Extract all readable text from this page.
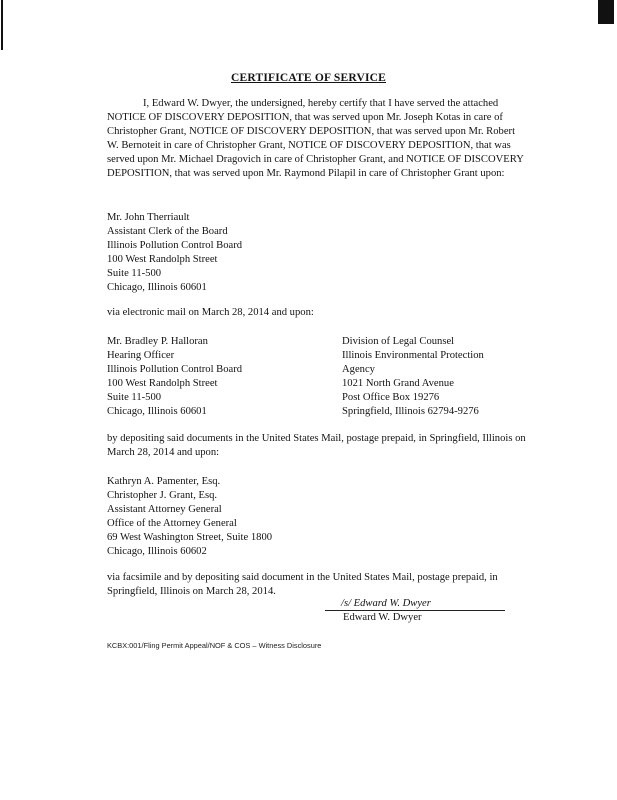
CERTIFICATE OF SERVICE

I, Edward W. Dwyer, the undersigned, hereby certify that I have served the attached NOTICE OF DISCOVERY DEPOSITION, that was served upon Mr. Joseph Kotas in care of Christopher Grant, NOTICE OF DISCOVERY DEPOSITION, that was served upon Mr. Robert W. Bernoteit in care of Christopher Grant, NOTICE OF DISCOVERY DEPOSITION, that was served upon Mr. Michael Dragovich in care of Christopher Grant, and NOTICE OF DISCOVERY DEPOSITION, that was served upon Mr. Raymond Pilapil in care of Christopher Grant upon:

Mr. John Therriault
Assistant Clerk of the Board
Illinois Pollution Control Board
100 West Randolph Street
Suite 11-500
Chicago, Illinois 60601

via electronic mail on March 28, 2014 and upon:

Mr. Bradley P. Halloran
Hearing Officer
Illinois Pollution Control Board
100 West Randolph Street
Suite 11-500
Chicago, Illinois 60601
Division of Legal Counsel
Illinois Environmental Protection
Agency
1021 North Grand Avenue
Post Office Box 19276
Springfield, Illinois 62794-9276

by depositing said documents in the United States Mail, postage prepaid, in Springfield, Illinois on March 28, 2014 and upon:

Kathryn A. Pamenter, Esq.
Christopher J. Grant, Esq.
Assistant Attorney General
Office of the Attorney General
69 West Washington Street, Suite 1800
Chicago, Illinois 60602

via facsimile and by depositing said document in the United States Mail, postage prepaid, in Springfield, Illinois on March 28, 2014.

/s/ Edward W. Dwyer
Edward W. Dwyer
KCBX:001/Fling Permit Appeal/NOF & COS – Witness Disclosure
